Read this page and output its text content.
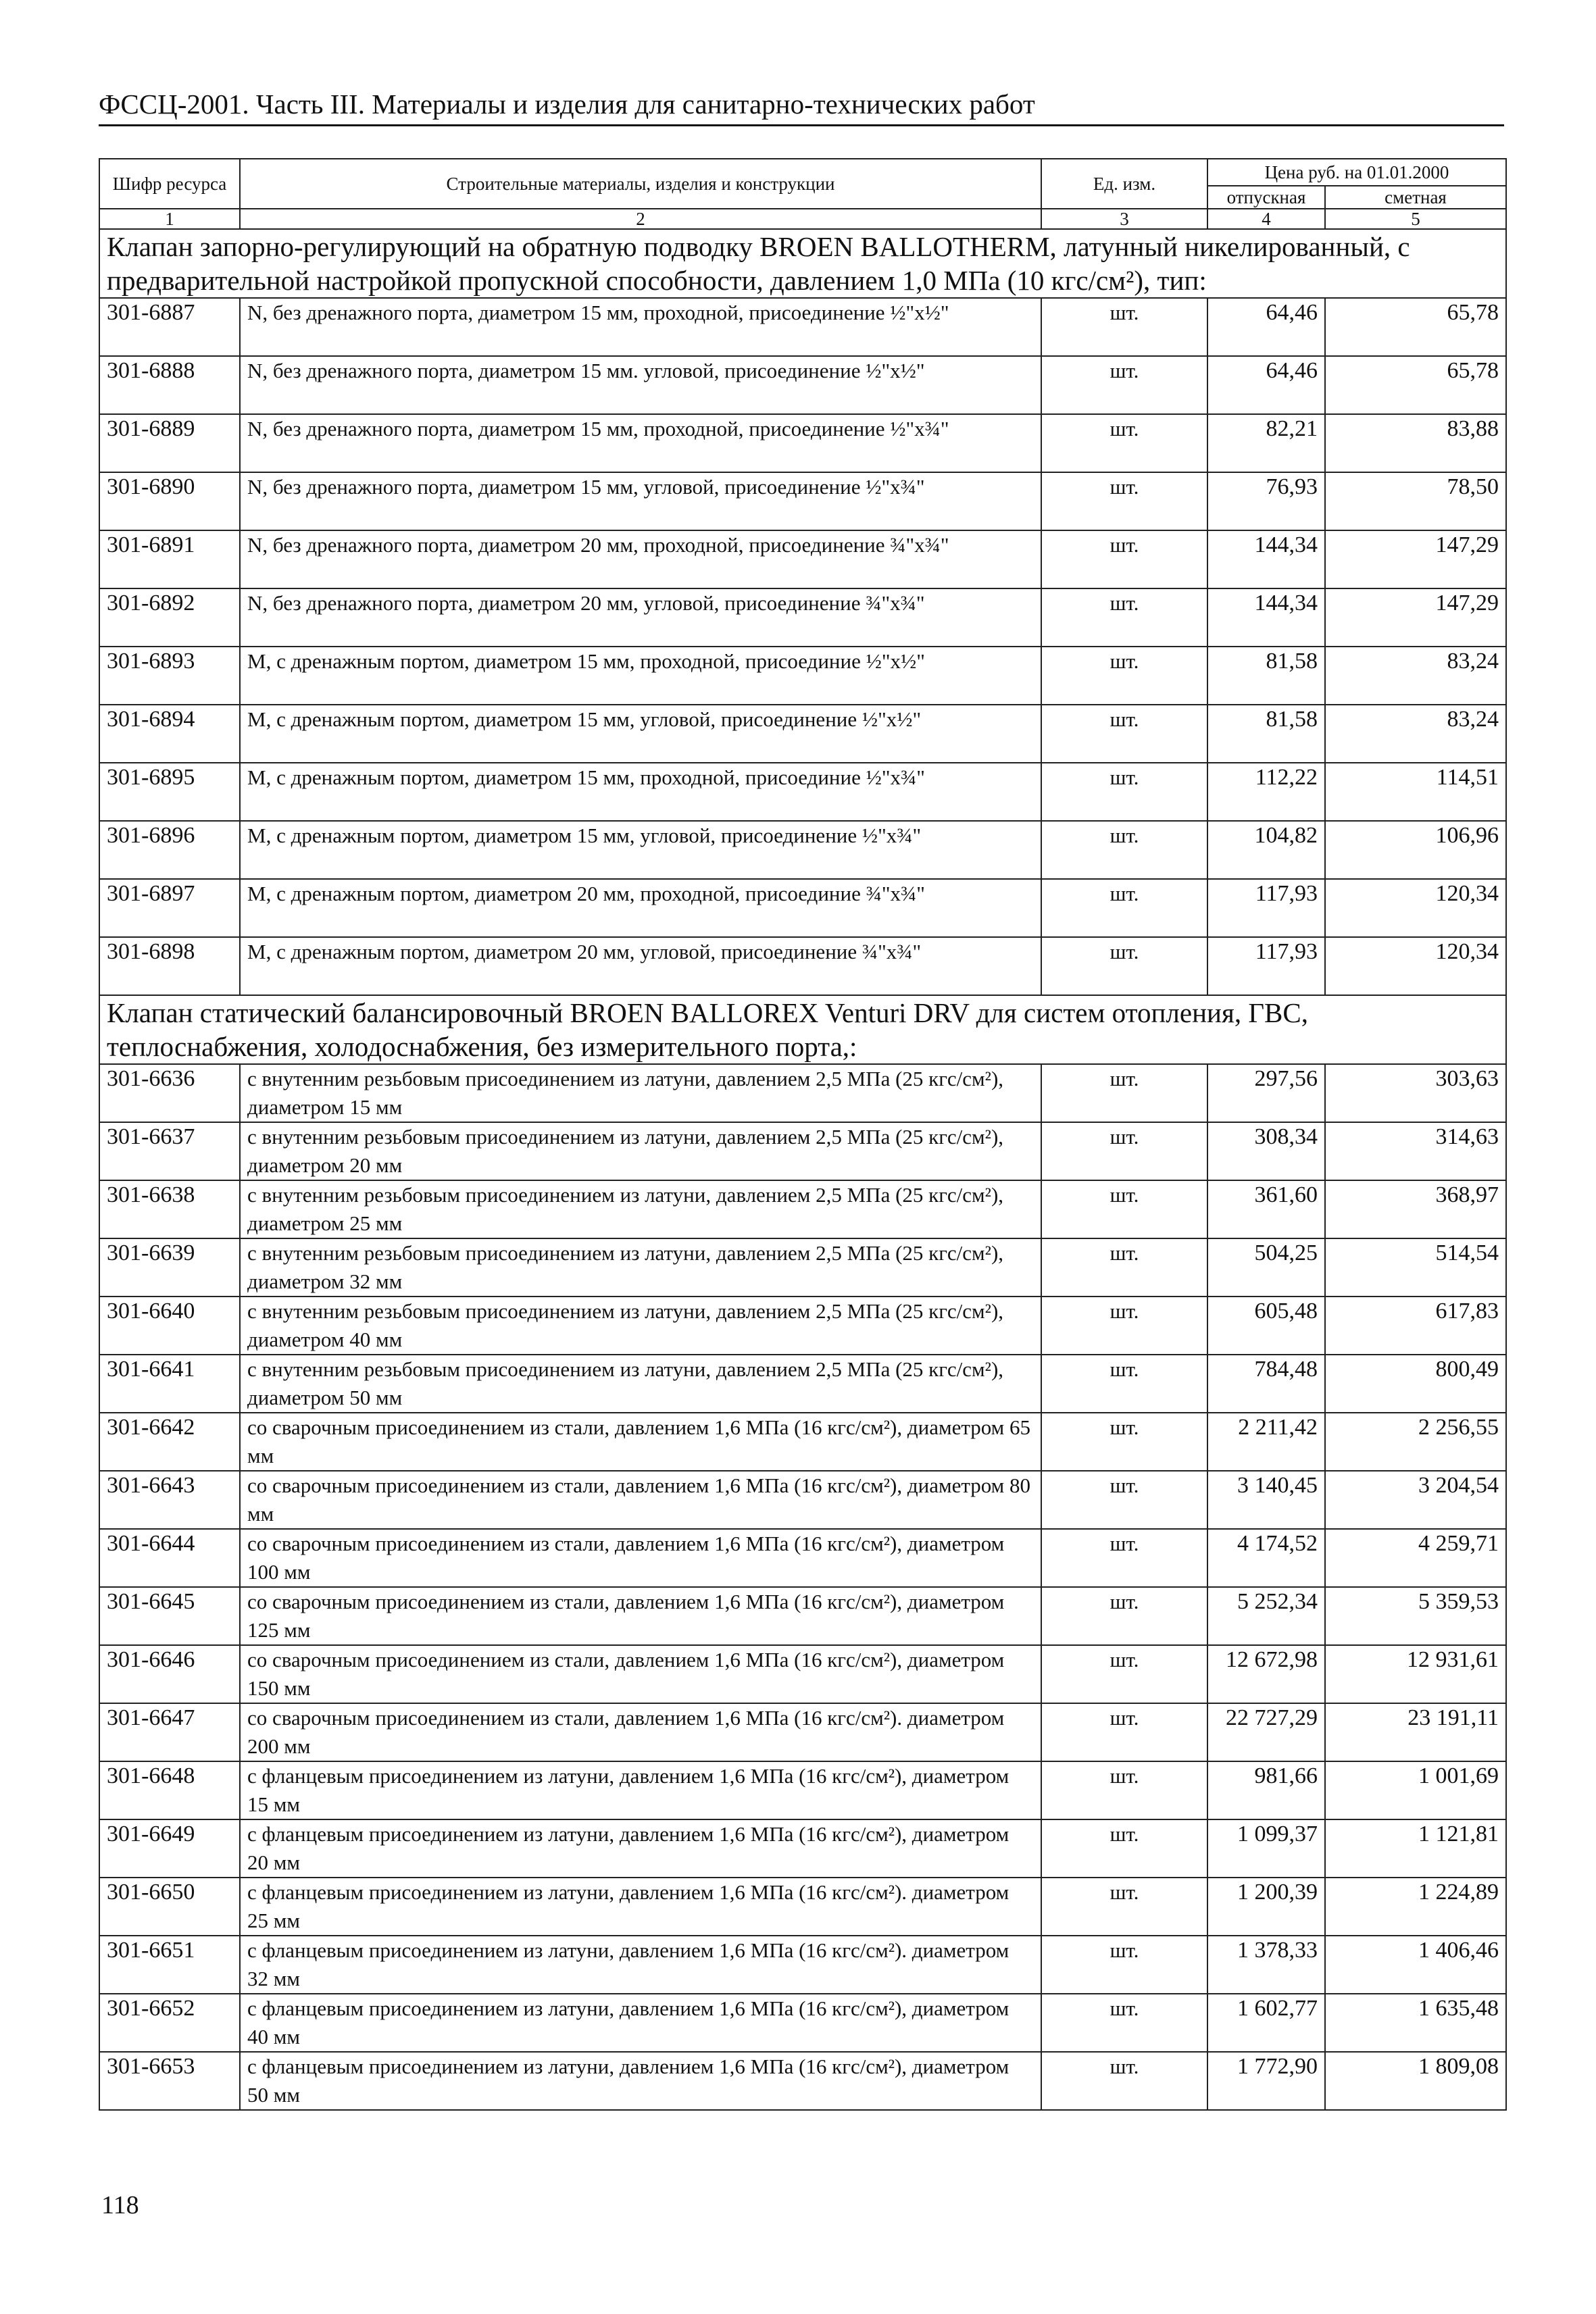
ФССЦ-2001. Часть III. Материалы и изделия для санитарно-технических работ
Шифр ресурса	Строительные материалы, изделия и конструкции	Ед. изм.	Цена руб. на 01.01.2000	
			отпускная	сметная
1	2	3	4	5
Клапан запорно-регулирующий на обратную подводку BROEN BALLOTHERM, латунный никелированный, с предварительной настройкой пропускной способности, давлением 1,0 МПа (10 кгс/см²), тип:				
301-6887	N, без дренажного порта, диаметром 15 мм, проходной, присоединение ½"х½"	шт.	64,46	65,78
301-6888	N, без дренажного порта, диаметром 15 мм. угловой, присоединение ½"х½"	шт.	64,46	65,78
301-6889	N, без дренажного порта, диаметром 15 мм, проходной, присоединение ½"х¾"	шт.	82,21	83,88
301-6890	N, без дренажного порта, диаметром 15 мм, угловой, присоединение ½"х¾"	шт.	76,93	78,50
301-6891	N, без дренажного порта, диаметром 20 мм, проходной, присоединение ¾"х¾"	шт.	144,34	147,29
301-6892	N, без дренажного порта, диаметром 20 мм, угловой, присоединение ¾"х¾"	шт.	144,34	147,29
301-6893	M, с дренажным портом, диаметром 15 мм, проходной, присоединие ½"х½"	шт.	81,58	83,24
301-6894	M, с дренажным портом, диаметром 15 мм, угловой, присоединение ½"х½"	шт.	81,58	83,24
301-6895	M, с дренажным портом, диаметром 15 мм, проходной, присоединие ½"х¾"	шт.	112,22	114,51
301-6896	M, с дренажным портом, диаметром 15 мм, угловой, присоединение ½"х¾"	шт.	104,82	106,96
301-6897	M, с дренажным портом, диаметром 20 мм, проходной, присоединие ¾"х¾"	шт.	117,93	120,34
301-6898	M, с дренажным портом, диаметром 20 мм, угловой, присоединение ¾"х¾"	шт.	117,93	120,34
Клапан статический балансировочный BROEN BALLOREX Venturi DRV для систем отопления, ГВС, теплоснабжения, холодоснабжения, без измерительного порта,:				
301-6636	с внутенним резьбовым присоединением из латуни, давлением 2,5 МПа (25 кгс/см²), диаметром 15 мм	шт.	297,56	303,63
301-6637	с внутенним резьбовым присоединением из латуни, давлением 2,5 МПа (25 кгс/см²), диаметром 20 мм	шт.	308,34	314,63
301-6638	с внутенним резьбовым присоединением из латуни, давлением 2,5 МПа (25 кгс/см²), диаметром 25 мм	шт.	361,60	368,97
301-6639	с внутенним резьбовым присоединением из латуни, давлением 2,5 МПа (25 кгс/см²), диаметром 32 мм	шт.	504,25	514,54
301-6640	с внутенним резьбовым присоединением из латуни, давлением 2,5 МПа (25 кгс/см²), диаметром 40 мм	шт.	605,48	617,83
301-6641	с внутенним резьбовым присоединением из латуни, давлением 2,5 МПа (25 кгс/см²), диаметром 50 мм	шт.	784,48	800,49
301-6642	со сварочным присоединением из стали, давлением 1,6 МПа (16 кгс/см²), диаметром 65 мм	шт.	2 211,42	2 256,55
301-6643	со сварочным присоединением из стали, давлением 1,6 МПа (16 кгс/см²), диаметром 80 мм	шт.	3 140,45	3 204,54
301-6644	со сварочным присоединением из стали, давлением 1,6 МПа (16 кгс/см²), диаметром 100 мм	шт.	4 174,52	4 259,71
301-6645	со сварочным присоединением из стали, давлением 1,6 МПа (16 кгс/см²), диаметром 125 мм	шт.	5 252,34	5 359,53
301-6646	со сварочным присоединением из стали, давлением 1,6 МПа (16 кгс/см²), диаметром 150 мм	шт.	12 672,98	12 931,61
301-6647	со сварочным присоединением из стали, давлением 1,6 МПа (16 кгс/см²). диаметром 200 мм	шт.	22 727,29	23 191,11
301-6648	с фланцевым присоединением из латуни, давлением 1,6 МПа (16 кгс/см²), диаметром 15 мм	шт.	981,66	1 001,69
301-6649	с фланцевым присоединением из латуни, давлением 1,6 МПа (16 кгс/см²), диаметром 20 мм	шт.	1 099,37	1 121,81
301-6650	с фланцевым присоединением из латуни, давлением 1,6 МПа (16 кгс/см²). диаметром 25 мм	шт.	1 200,39	1 224,89
301-6651	с фланцевым присоединением из латуни, давлением 1,6 МПа (16 кгс/см²). диаметром 32 мм	шт.	1 378,33	1 406,46
301-6652	с фланцевым присоединением из латуни, давлением 1,6 МПа (16 кгс/см²), диаметром 40 мм	шт.	1 602,77	1 635,48
301-6653	с фланцевым присоединением из латуни, давлением 1,6 МПа (16 кгс/см²), диаметром 50 мм	шт.	1 772,90	1 809,08
118
